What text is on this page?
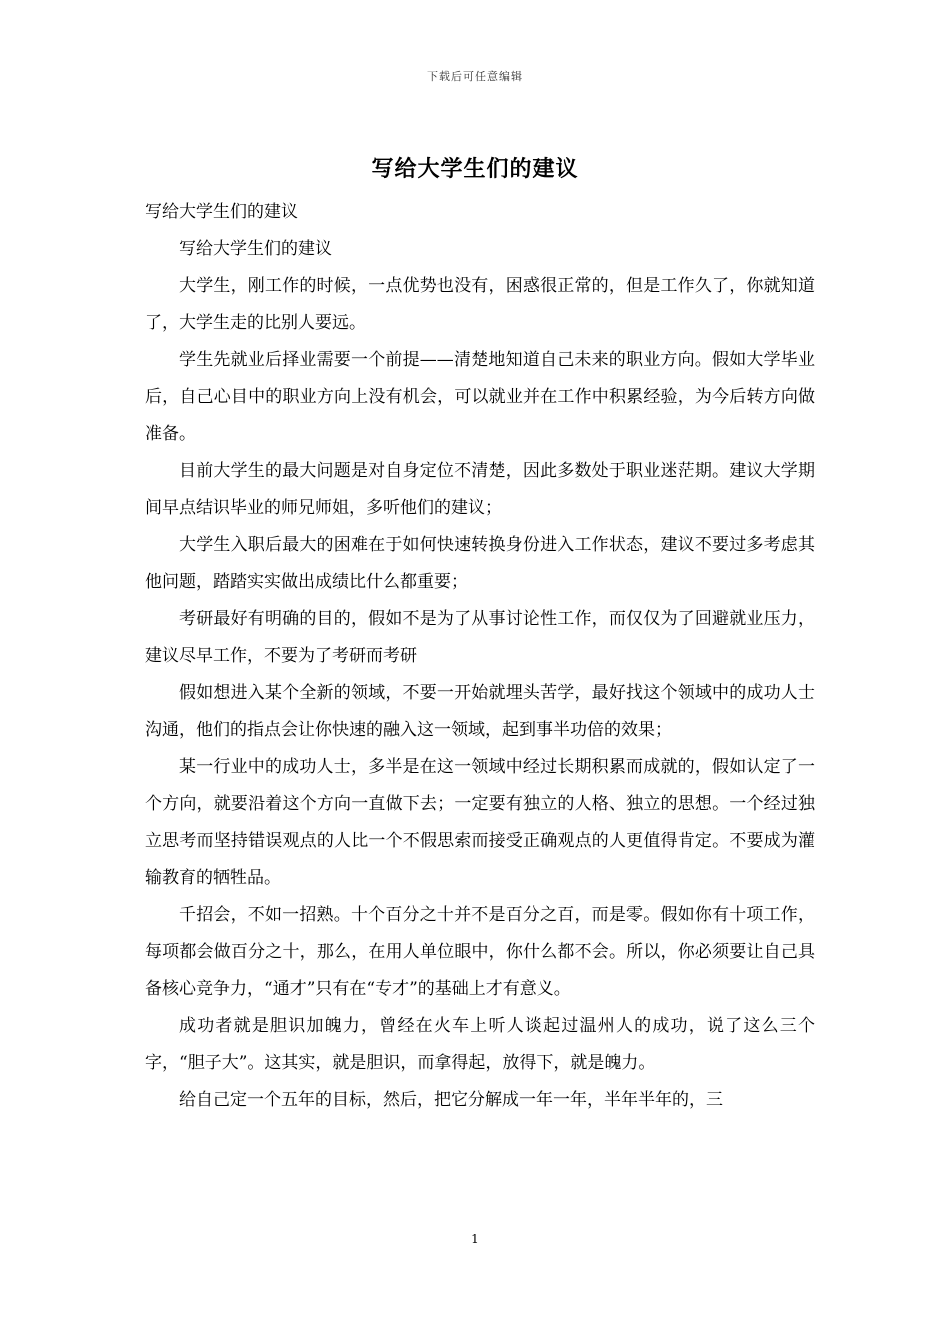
下载后可任意编辑
写给大学生们的建议

写给大学生们的建议

写给大学生们的建议

大学生，刚工作的时候，一点优势也没有，困惑很正常的，但是工作久了，你就知道了，大学生走的比别人要远。

学生先就业后择业需要一个前提——清楚地知道自己未来的职业方向。假如大学毕业后，自己心目中的职业方向上没有机会，可以就业并在工作中积累经验，为今后转方向做准备。

目前大学生的最大问题是对自身定位不清楚，因此多数处于职业迷茫期。建议大学期间早点结识毕业的师兄师姐，多听他们的建议；

大学生入职后最大的困难在于如何快速转换身份进入工作状态，建议不要过多考虑其他问题，踏踏实实做出成绩比什么都重要；

考研最好有明确的目的，假如不是为了从事讨论性工作，而仅仅为了回避就业压力，建议尽早工作，不要为了考研而考研

假如想进入某个全新的领域，不要一开始就埋头苦学，最好找这个领域中的成功人士沟通，他们的指点会让你快速的融入这一领域，起到事半功倍的效果；

某一行业中的成功人士，多半是在这一领域中经过长期积累而成就的，假如认定了一个方向，就要沿着这个方向一直做下去；一定要有独立的人格、独立的思想。一个经过独立思考而坚持错误观点的人比一个不假思索而接受正确观点的人更值得肯定。不要成为灌输教育的牺牲品。

千招会，不如一招熟。十个百分之十并不是百分之百，而是零。假如你有十项工作，每项都会做百分之十，那么，在用人单位眼中，你什么都不会。所以，你必须要让自己具备核心竞争力，“通才”只有在“专才”的基础上才有意义。

成功者就是胆识加魄力，曾经在火车上听人谈起过温州人的成功，说了这么三个字，“胆子大”。这其实，就是胆识，而拿得起，放得下，就是魄力。

给自己定一个五年的目标，然后，把它分解成一年一年，半年半年的，三

1
